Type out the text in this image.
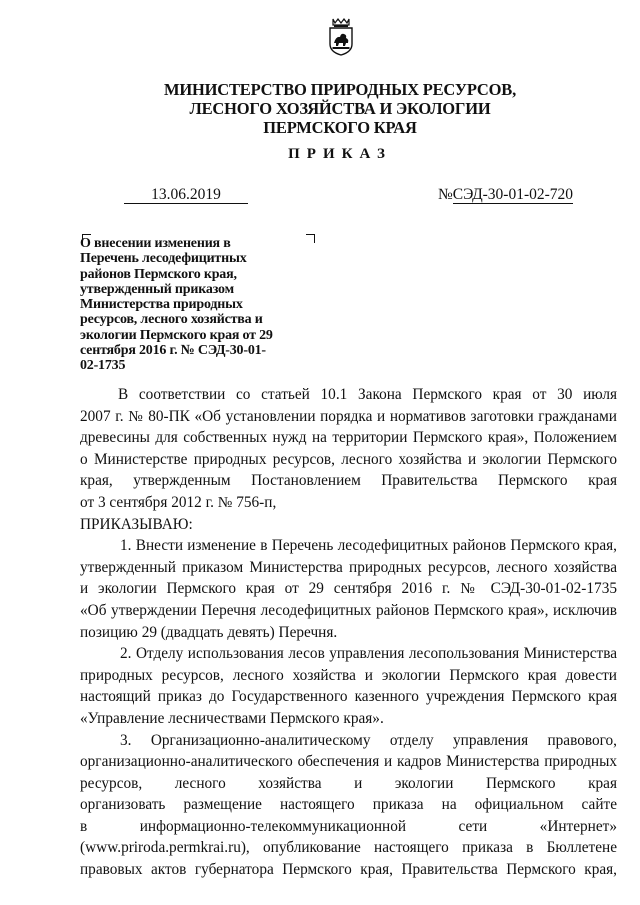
МИНИСТЕРСТВО ПРИРОДНЫХ РЕСУРСОВ,
ЛЕСНОГО ХОЗЯЙСТВА И ЭКОЛОГИИ
ПЕРМСКОГО КРАЯ
ПРИКАЗ
13.06.2019	№СЭД-30-01-02-720
О внесении изменения в
Перечень лесодефицитных
районов Пермского края,
утвержденный приказом
Министерства природных
ресурсов, лесного хозяйства и
экологии Пермского края от 29
сентября 2016 г. № СЭД-30-01-
02-1735
В соответствии со статьей 10.1 Закона Пермского края от 30 июля
2007 г. № 80-ПК «Об установлении порядка и нормативов заготовки гражданами
древесины для собственных нужд на территории Пермского края», Положением
о Министерстве природных ресурсов, лесного хозяйства и экологии Пермского
края, утвержденным Постановлением Правительства Пермского края
от 3 сентября 2012 г. № 756-п,
ПРИКАЗЫВАЮ:
1. Внести изменение в Перечень лесодефицитных районов Пермского края,
утвержденный приказом Министерства природных ресурсов, лесного хозяйства
и экологии Пермского края от 29 сентября 2016 г. № СЭД-30-01-02-1735
«Об утверждении Перечня лесодефицитных районов Пермского края», исключив
позицию 29 (двадцать девять) Перечня.
2. Отделу использования лесов управления лесопользования Министерства
природных ресурсов, лесного хозяйства и экологии Пермского края довести
настоящий приказ до Государственного казенного учреждения Пермского края
«Управление лесничествами Пермского края».
3. Организационно-аналитическому отделу управления правового,
организационно-аналитического обеспечения и кадров Министерства природных
ресурсов, лесного хозяйства и экологии Пермского края
организовать размещение настоящего приказа на официальном сайте
в информационно-телекоммуникационной сети «Интернет»
(www.priroda.permkrai.ru), опубликование настоящего приказа в Бюллетене
правовых актов губернатора Пермского края, Правительства Пермского края,
